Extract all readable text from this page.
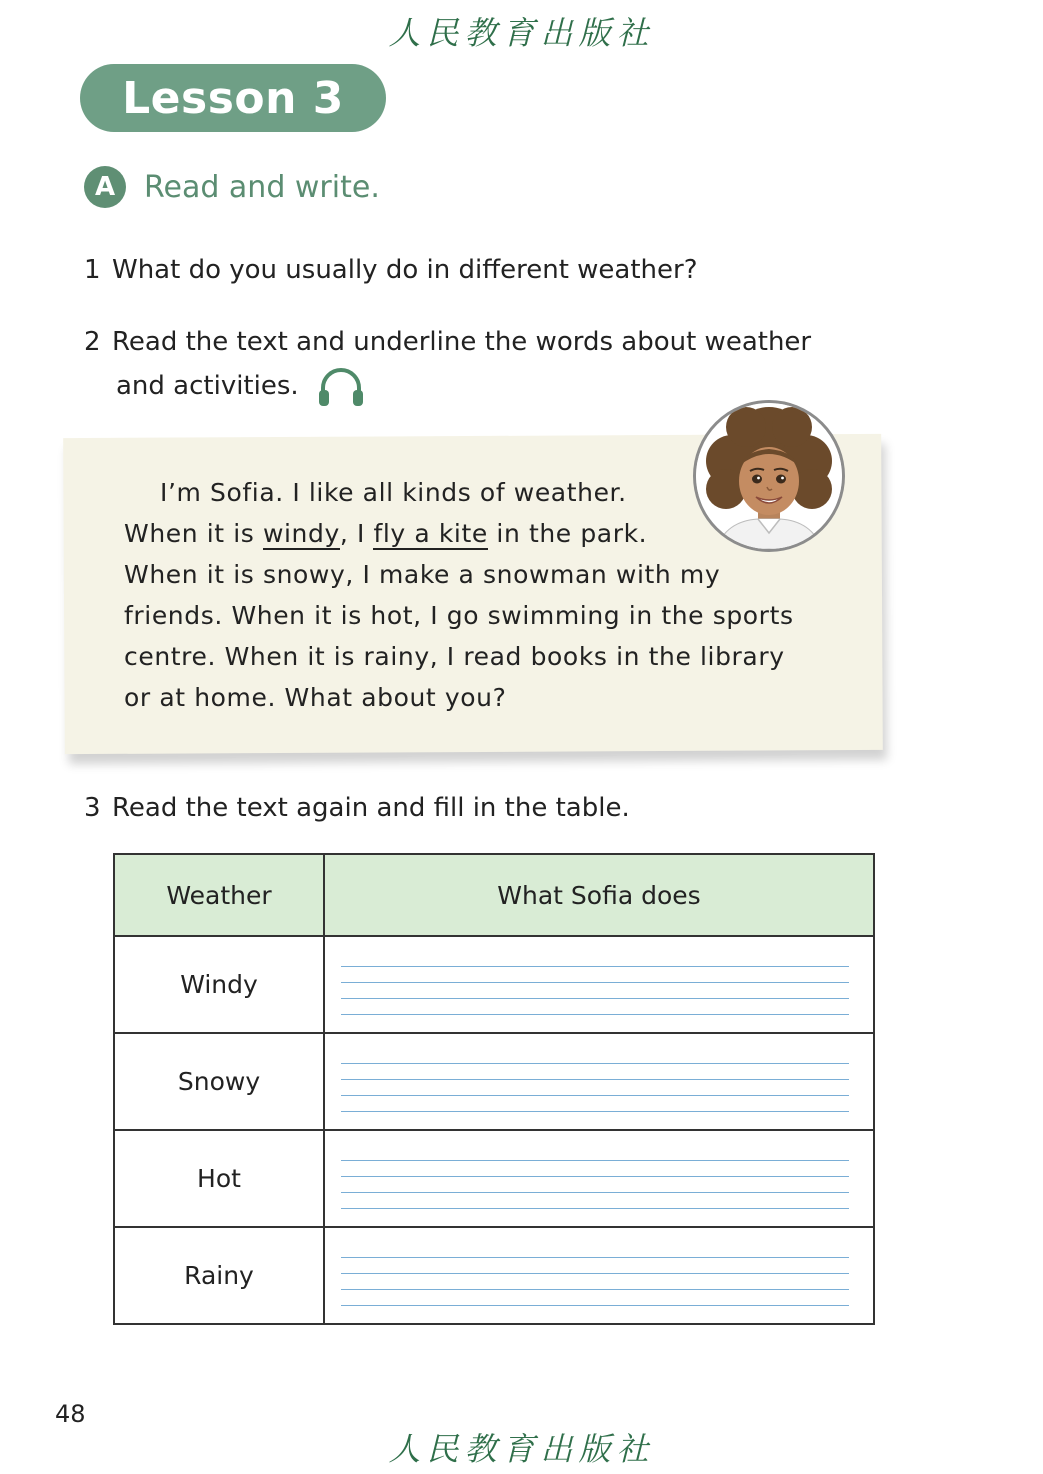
人民教育出版社
Lesson 3
A Read and write.
1 What do you usually do in different weather?
2 Read the text and underline the words about weather
and activities.
I’m Sofia. I like all kinds of weather.
When it is windy, I fly a kite in the park.
When it is snowy, I make a snowman with my
friends. When it is hot, I go swimming in the sports
centre. When it is rainy, I read books in the library
or at home. What about you?
3 Read the text again and fill in the table.
Weather	What Sofia does
Windy	

Snowy	

Hot	

Rainy	
48
人民教育出版社
